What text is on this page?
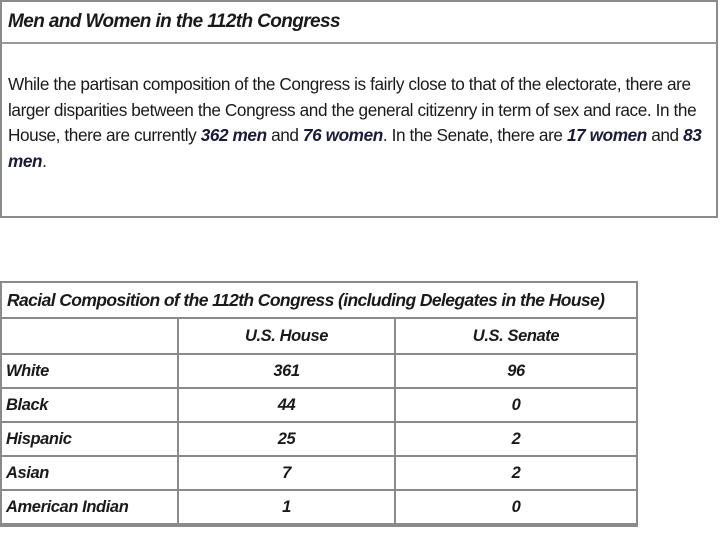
Men and Women in the 112th Congress
While the partisan composition of the Congress is fairly close to that of the electorate, there are larger disparities between the Congress and the general citizenry in term of sex and race. In the House, there are currently 362 men and 76 women. In the Senate, there are 17 women and 83 men.
Racial Composition of the 112th Congress (including Delegates in the House)
	U.S. House	U.S. Senate
White	361	96
Black	44	0
Hispanic	25	2
Asian	7	2
American Indian	1	0
